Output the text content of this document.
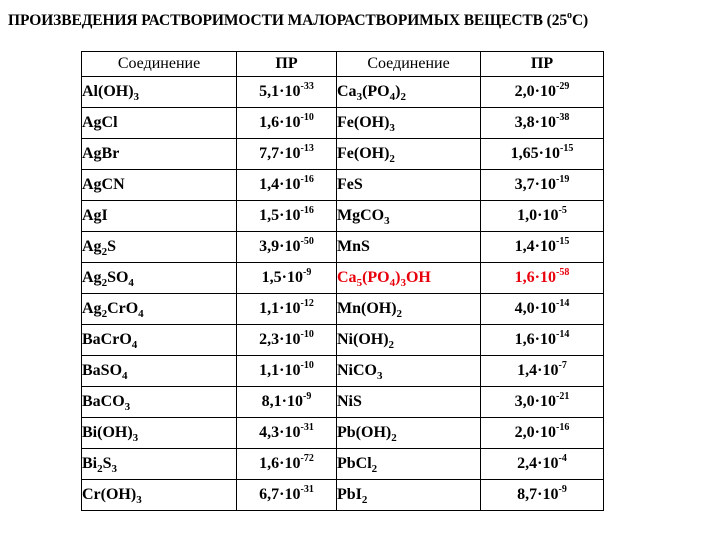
ПРОИЗВЕДЕНИЯ РАСТВОРИМОСТИ МАЛОРАСТВОРИМЫХ ВЕЩЕСТВ $(25^оС)$
Соединение	ПР	Соединение	ПР
$Al(OH)_3$	$5,1\cdot 10^{-33}$	$Ca_3(PO_4)_2$	$2,0\cdot 10^{-29}$
AgCl	$1,6\cdot 10^{-10}$	$Fe(OH)_3$	$3,8\cdot 10^{-38}$
AgBr	$7,7\cdot 10^{-13}$	$Fe(OH)_2$	$1,65\cdot 10^{-15}$
AgCN	$1,4\cdot 10^{-16}$	FeS	$3,7\cdot 10^{-19}$
AgI	$1,5\cdot 10^{-16}$	MgCO$_3$	$1,0\cdot 10^{-5}$
$Ag_2S$	$3,9\cdot 10^{-50}$	MnS	$1,4\cdot 10^{-15}$
$Ag_2SO_4$	$1,5\cdot 10^{-9}$	$Ca_5(PO_4)_3OH$	$1,6\cdot 10^{-58}$
$Ag_2CrO_4$	$1,1\cdot 10^{-12}$	$Mn(OH)_2$	$4,0\cdot 10^{-14}$
BaCrO$_4$	$2,3\cdot 10^{-10}$	$Ni(OH)_2$	$1,6\cdot 10^{-14}$
BaSO$_4$	$1,1\cdot 10^{-10}$	NiCO$_3$	$1,4\cdot 10^{-7}$
BaCO$_3$	$8,1\cdot 10^{-9}$	NiS	$3,0\cdot 10^{-21}$
$Bi(OH)_3$	$4,3\cdot 10^{-31}$	$Pb(OH)_2$	$2,0\cdot 10^{-16}$
$Bi_2S_3$	$1,6\cdot 10^{-72}$	PbCl$_2$	$2,4\cdot 10^{-4}$
$Cr(OH)_3$	$6,7\cdot 10^{-31}$	PbI$_2$	$8,7\cdot 10^{-9}$
